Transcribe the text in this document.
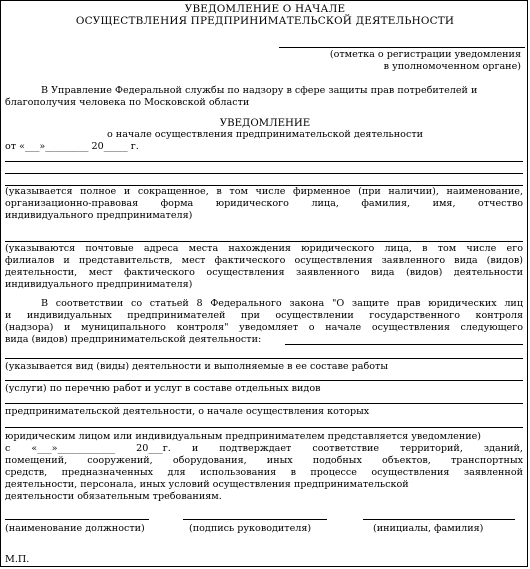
УВЕДОМЛЕНИЕ О НАЧАЛЕ
ОСУЩЕСТВЛЕНИЯ ПРЕДПРИНИМАТЕЛЬСКОЙ ДЕЯТЕЛЬНОСТИ
(отметка о регистрации уведомления
в уполномоченном органе)
В Управление Федеральной службы по надзору в сфере защиты прав потребителей и
благополучия человека по Московской области
УВЕДОМЛЕНИЕ
о начале осуществления предпринимательской деятельности
от «___»_________ 20_____ г.
(указывается полное и сокращенное, в том числе фирменное (при наличии), наименование,
организационно-правовая форма юридического лица, фамилия, имя, отчество
индивидуального предпринимателя)
(указываются почтовые адреса места нахождения юридического лица, в том числе его
филиалов и представительств, мест фактического осуществления заявленного вида (видов)
деятельности, мест фактического осуществления заявленного вида (видов) деятельности
индивидуального предпринимателя)
В соответствии со статьей 8 Федерального закона "О защите прав юридических лиц
и индивидуальных предпринимателей при осуществлении государственного контроля
(надзора) и муниципального контроля" уведомляет о начале осуществления следующего
вида (видов) предпринимательской деятельности:
(указывается вид (виды) деятельности и выполняемые в ее составе работы
(услуги) по перечню работ и услуг в составе отдельных видов
предпринимательской деятельности, о начале осуществления которых
юридическим лицом или индивидуальным предпринимателем представляется уведомление)
с «___»____________ 20___г. и подтверждает соответствие территорий, зданий,
помещений, сооружений, оборудования, иных подобных объектов, транспортных
средств, предназначенных для использования в процессе осуществления заявленной
деятельности, персонала, иных условий осуществления предпринимательской
деятельности обязательным требованиям.
(наименование должности)	(подпись руководителя)	(инициалы, фамилия)
М.П.
